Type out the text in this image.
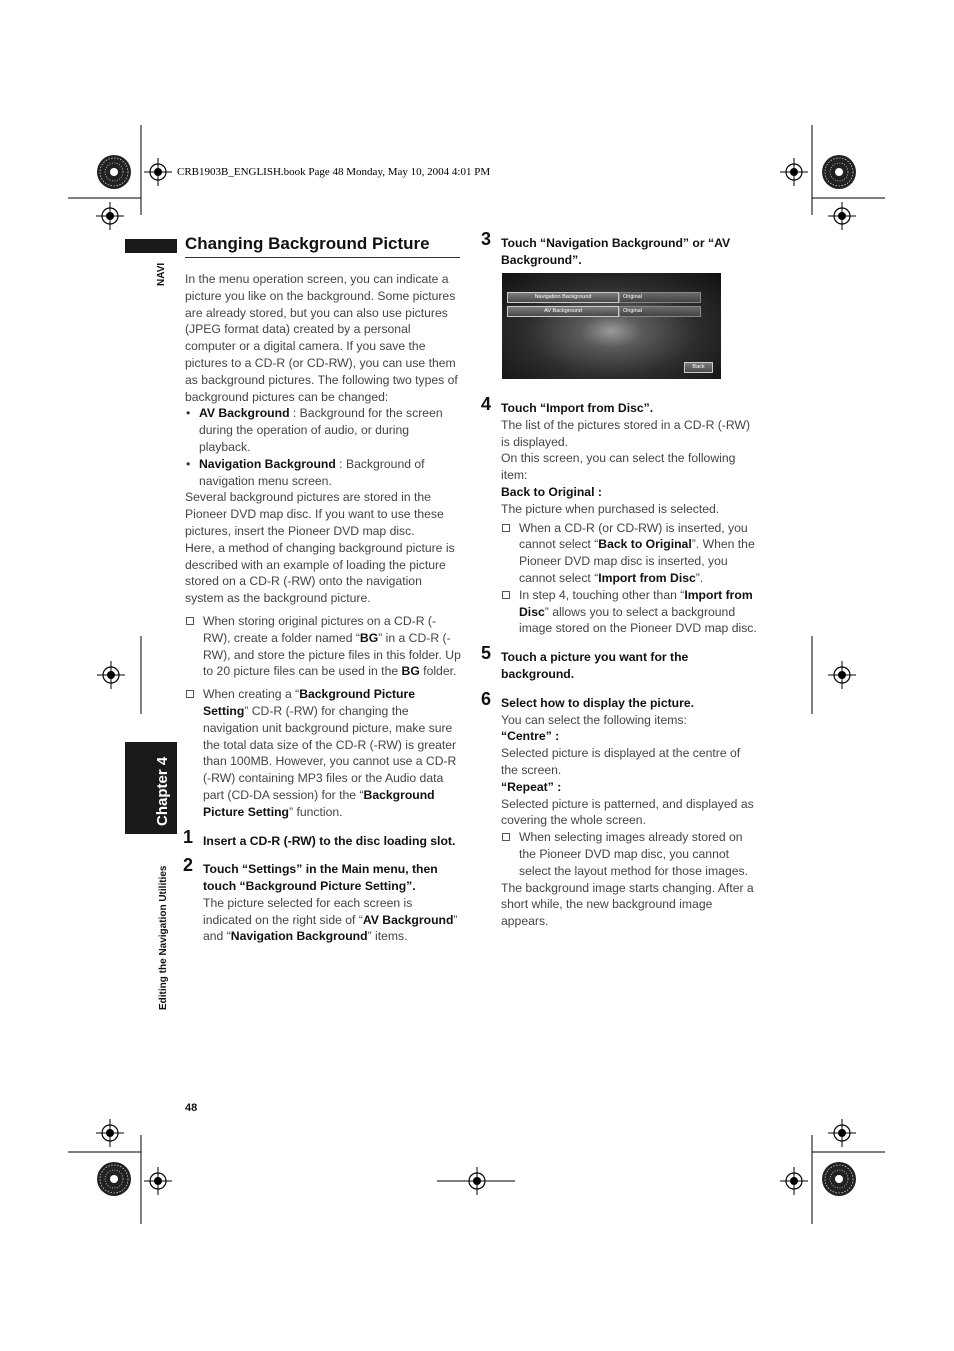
CRB1903B_ENGLISH.book Page 48 Monday, May 10, 2004 4:01 PM
NAVI
Chapter 4
Editing the Navigation Utilities
Changing Background Picture

In the menu operation screen, you can indicate a picture you like on the background. Some pictures are already stored, but you can also use pictures (JPEG format data) created by a personal computer or a digital camera. If you save the pictures to a CD-R (or CD-RW), you can use them as background pictures. The following two types of background pictures can be changed:

• AV Background : Background for the screen during the operation of audio, or during playback.

• Navigation Background : Background of navigation menu screen.

Several background pictures are stored in the Pioneer DVD map disc. If you want to use these pictures, insert the Pioneer DVD map disc.

Here, a method of changing background picture is described with an example of loading the picture stored on a CD-R (-RW) onto the navigation system as the background picture.

When storing original pictures on a CD-R (-RW), create a folder named “BG” in a CD-R (-RW), and store the picture files in this folder. Up to 20 picture files can be used in the BG folder.

When creating a “Background Picture Setting” CD-R (-RW) for changing the navigation unit background picture, make sure the total data size of the CD-R (-RW) is greater than 100MB. However, you cannot use a CD-R (-RW) containing MP3 files or the Audio data part (CD-DA session) for the “Background Picture Setting” function.

1 Insert a CD-R (-RW) to the disc loading slot.
2 Touch “Settings” in the Main menu, then touch “Background Picture Setting”.
The picture selected for each screen is indicated on the right side of “AV Background” and “Navigation Background” items.
3 Touch “Navigation Background” or “AV Background”.
Navigation Background	Original
AV Background	Original
Back
4 Touch “Import from Disc”.
The list of the pictures stored in a CD-R (-RW) is displayed.
On this screen, you can select the following item:
Back to Original :
The picture when purchased is selected.

When a CD-R (or CD-RW) is inserted, you cannot select “Back to Original”. When the Pioneer DVD map disc is inserted, you cannot select “Import from Disc”.

In step 4, touching other than “Import from Disc” allows you to select a background image stored on the Pioneer DVD map disc.

5 Touch a picture you want for the background.
6 Select how to display the picture.
You can select the following items:
“Centre” :
Selected picture is displayed at the centre of the screen.
“Repeat” :
Selected picture is patterned, and displayed as covering the whole screen.

When selecting images already stored on the Pioneer DVD map disc, you cannot select the layout method for those images.

The background image starts changing. After a short while, the new background image appears.
48
